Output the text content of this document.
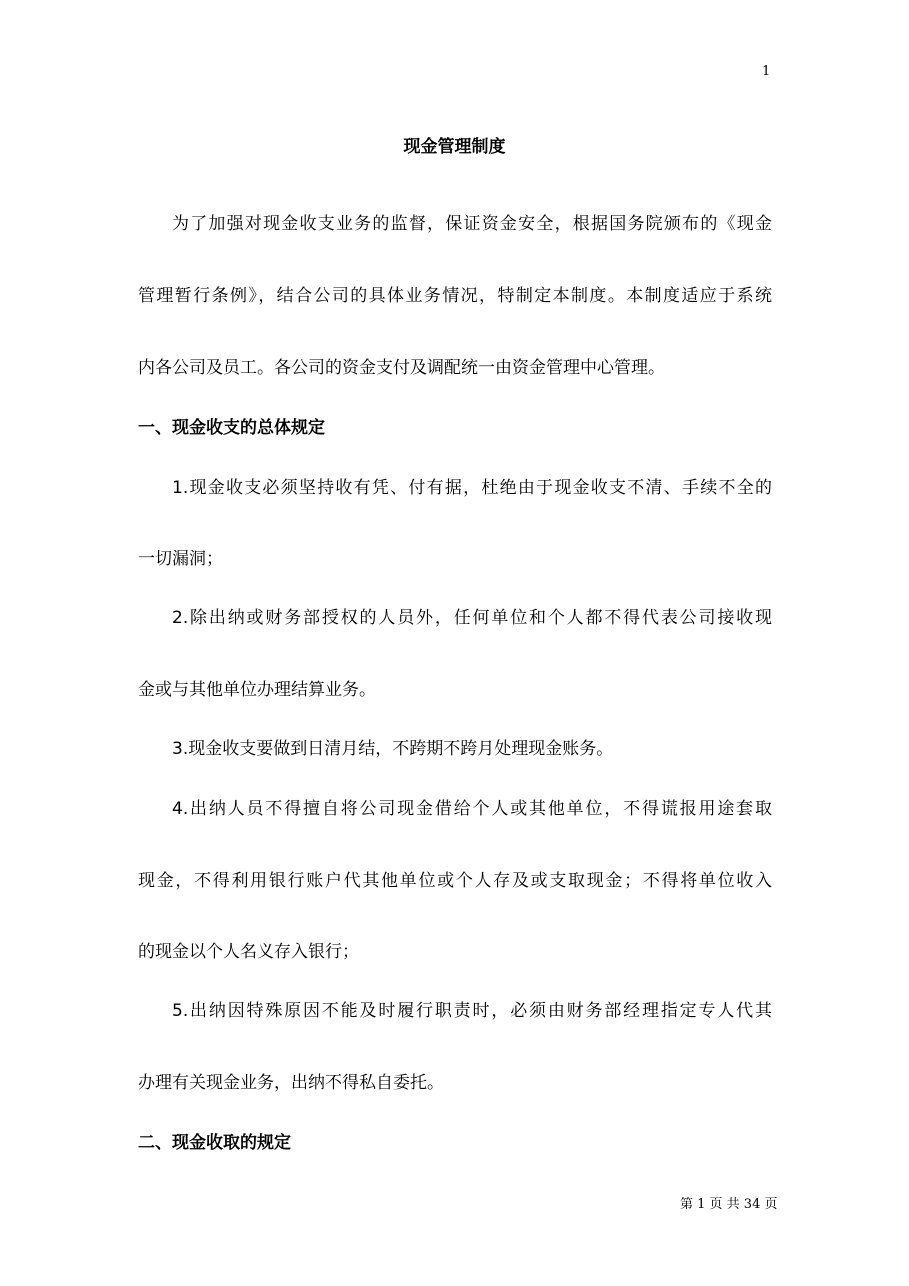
1
现金管理制度
为了加强对现金收支业务的监督，保证资金安全，根据国务院颁布的《现金
管理暂行条例》，结合公司的具体业务情况，特制定本制度。本制度适应于系统
内各公司及员工。各公司的资金支付及调配统一由资金管理中心管理。
一、现金收支的总体规定
1.现金收支必须坚持收有凭、付有据，杜绝由于现金收支不清、手续不全的
一切漏洞；
2.除出纳或财务部授权的人员外，任何单位和个人都不得代表公司接收现
金或与其他单位办理结算业务。
3.现金收支要做到日清月结，不跨期不跨月处理现金账务。
4.出纳人员不得擅自将公司现金借给个人或其他单位，不得谎报用途套取
现金，不得利用银行账户代其他单位或个人存及或支取现金；不得将单位收入
的现金以个人名义存入银行；
5.出纳因特殊原因不能及时履行职责时，必须由财务部经理指定专人代其
办理有关现金业务，出纳不得私自委托。
二、现金收取的规定
第 1 页 共 34 页
